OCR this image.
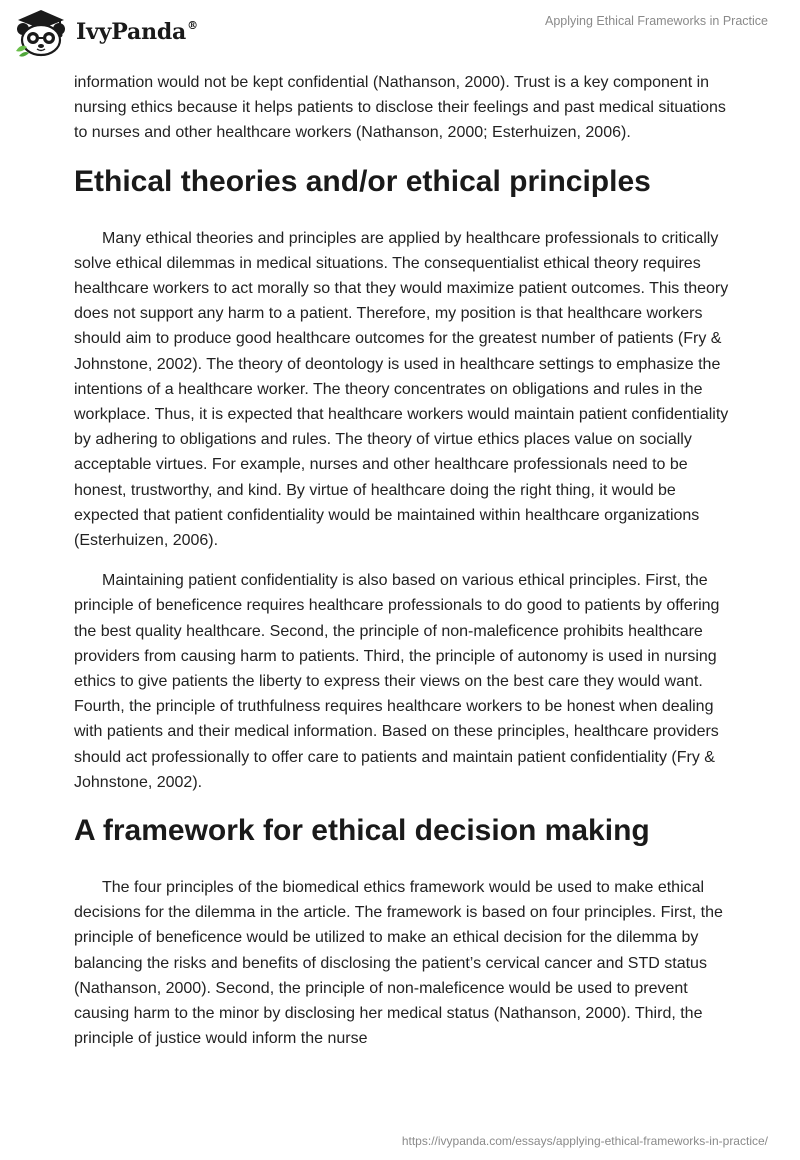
IvyPanda®	Applying Ethical Frameworks in Practice

information would not be kept confidential (Nathanson, 2000). Trust is a key component in nursing ethics because it helps patients to disclose their feelings and past medical situations to nurses and other healthcare workers (Nathanson, 2000; Esterhuizen, 2006).

Ethical theories and/or ethical principles

Many ethical theories and principles are applied by healthcare professionals to critically solve ethical dilemmas in medical situations. The consequentialist ethical theory requires healthcare workers to act morally so that they would maximize patient outcomes. This theory does not support any harm to a patient. Therefore, my position is that healthcare workers should aim to produce good healthcare outcomes for the greatest number of patients (Fry & Johnstone, 2002). The theory of deontology is used in healthcare settings to emphasize the intentions of a healthcare worker. The theory concentrates on obligations and rules in the workplace. Thus, it is expected that healthcare workers would maintain patient confidentiality by adhering to obligations and rules. The theory of virtue ethics places value on socially acceptable virtues. For example, nurses and other healthcare professionals need to be honest, trustworthy, and kind. By virtue of healthcare doing the right thing, it would be expected that patient confidentiality would be maintained within healthcare organizations (Esterhuizen, 2006).

Maintaining patient confidentiality is also based on various ethical principles. First, the principle of beneficence requires healthcare professionals to do good to patients by offering the best quality healthcare. Second, the principle of non-maleficence prohibits healthcare providers from causing harm to patients. Third, the principle of autonomy is used in nursing ethics to give patients the liberty to express their views on the best care they would want. Fourth, the principle of truthfulness requires healthcare workers to be honest when dealing with patients and their medical information. Based on these principles, healthcare providers should act professionally to offer care to patients and maintain patient confidentiality (Fry & Johnstone, 2002).

A framework for ethical decision making

The four principles of the biomedical ethics framework would be used to make ethical decisions for the dilemma in the article. The framework is based on four principles. First, the principle of beneficence would be utilized to make an ethical decision for the dilemma by balancing the risks and benefits of disclosing the patient’s cervical cancer and STD status (Nathanson, 2000). Second, the principle of non-maleficence would be used to prevent causing harm to the minor by disclosing her medical status (Nathanson, 2000). Third, the principle of justice would inform the nurse

https://ivypanda.com/essays/applying-ethical-frameworks-in-practice/
